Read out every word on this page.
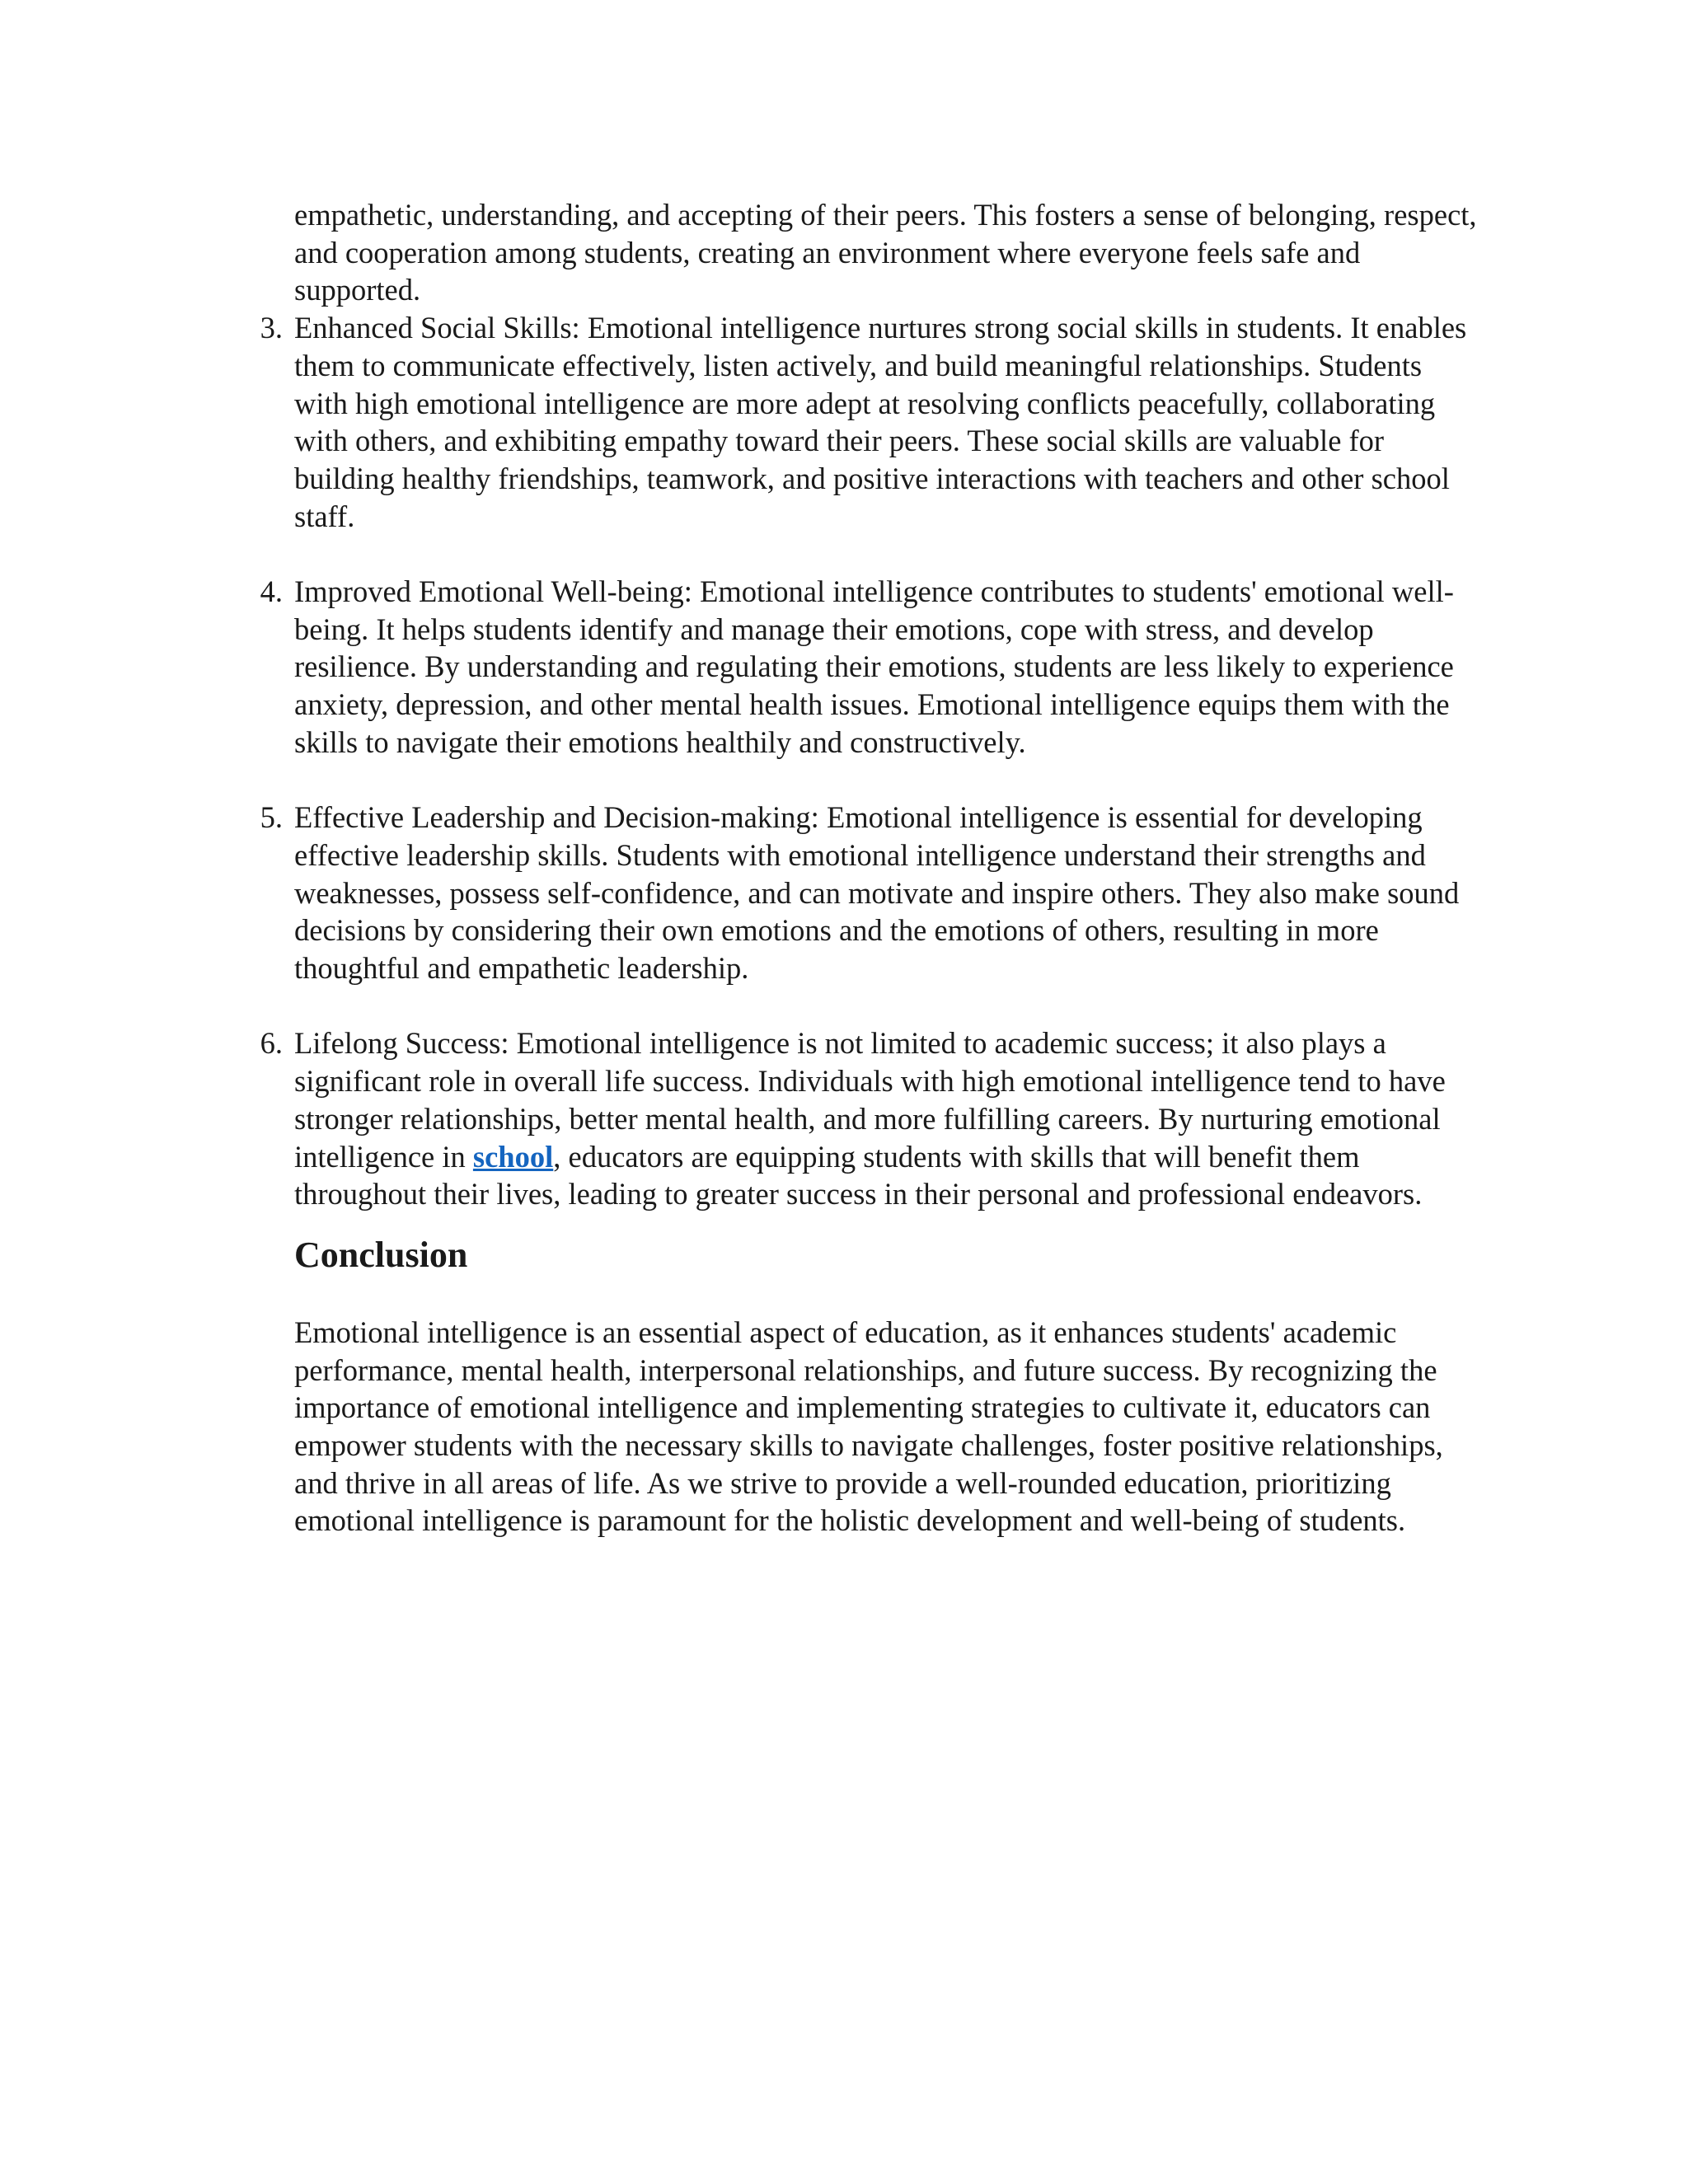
empathetic, understanding, and accepting of their peers. This fosters a sense of belonging, respect, and cooperation among students, creating an environment where everyone feels safe and supported.

3. Enhanced Social Skills: Emotional intelligence nurtures strong social skills in students. It enables them to communicate effectively, listen actively, and build meaningful relationships. Students with high emotional intelligence are more adept at resolving conflicts peacefully, collaborating with others, and exhibiting empathy toward their peers. These social skills are valuable for building healthy friendships, teamwork, and positive interactions with teachers and other school staff.
4. Improved Emotional Well-being: Emotional intelligence contributes to students' emotional well-being. It helps students identify and manage their emotions, cope with stress, and develop resilience. By understanding and regulating their emotions, students are less likely to experience anxiety, depression, and other mental health issues. Emotional intelligence equips them with the skills to navigate their emotions healthily and constructively.
5. Effective Leadership and Decision-making: Emotional intelligence is essential for developing effective leadership skills. Students with emotional intelligence understand their strengths and weaknesses, possess self-confidence, and can motivate and inspire others. They also make sound decisions by considering their own emotions and the emotions of others, resulting in more thoughtful and empathetic leadership.
6. Lifelong Success: Emotional intelligence is not limited to academic success; it also plays a significant role in overall life success. Individuals with high emotional intelligence tend to have stronger relationships, better mental health, and more fulfilling careers. By nurturing emotional intelligence in school, educators are equipping students with skills that will benefit them throughout their lives, leading to greater success in their personal and professional endeavors.
Conclusion

Emotional intelligence is an essential aspect of education, as it enhances students' academic performance, mental health, interpersonal relationships, and future success. By recognizing the importance of emotional intelligence and implementing strategies to cultivate it, educators can empower students with the necessary skills to navigate challenges, foster positive relationships, and thrive in all areas of life. As we strive to provide a well-rounded education, prioritizing emotional intelligence is paramount for the holistic development and well-being of students.
